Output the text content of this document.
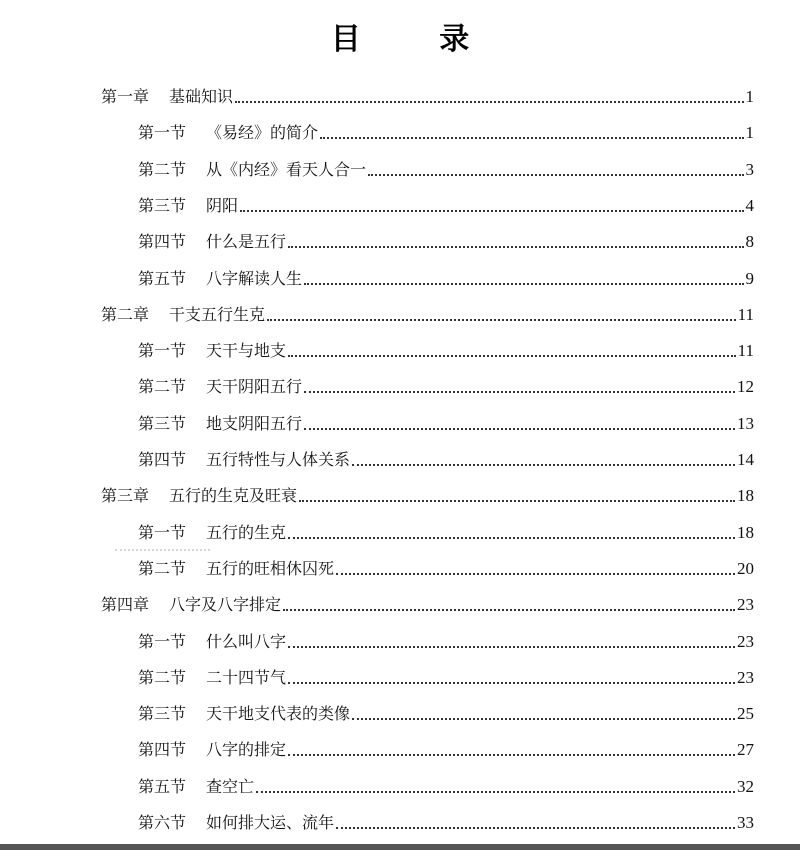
目 录
第一章 基础知识	1
第一节 《易经》的简介	1
第二节 从《内经》看天人合一	3
第三节 阴阳	4
第四节 什么是五行	8
第五节 八字解读人生	9
第二章 干支五行生克	11
第一节 天干与地支	11
第二节 天干阴阳五行	12
第三节 地支阴阳五行	13
第四节 五行特性与人体关系	14
第三章 五行的生克及旺衰	18
第一节 五行的生克	18
第二节 五行的旺相休囚死	20
第四章 八字及八字排定	23
第一节 什么叫八字	23
第二节 二十四节气	23
第三节 天干地支代表的类像	25
第四节 八字的排定	27
第五节 查空亡	32
第六节 如何排大运、流年	33
